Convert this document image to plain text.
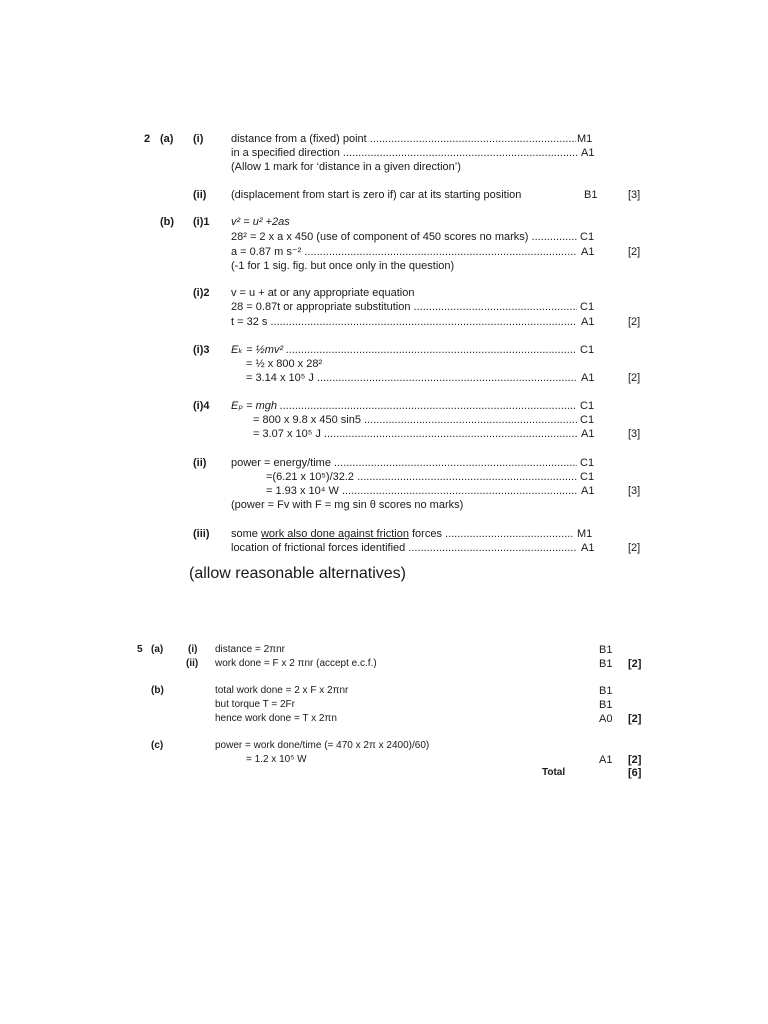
2 (a) (i)	distance from a (fixed) point .....	M1
in a specified direction .....	A1
(Allow 1 mark for ‘distance in a given direction’)
(ii) (displacement from start is zero if) car at its starting position	B1	[3]
(b) (i)1 v² = u² +2as
28² = 2 x a x 450 (use of component of 450 scores no marks) .....	C1
a = 0.87 m s⁻² .....	A1	[2]
(-1 for 1 sig. fig. but once only in the question)
(i)2 v = u + at or any appropriate equation
28 = 0.87t or appropriate substitution .....	C1
t = 32 s .....	A1	[2]
(i)3 Eₖ = ½mv² .....	C1
= ½ x 800 x 28²
= 3.14 x 10⁵ J .....	A1	[2]
(i)4 Eₚ = mgh .....	C1
= 800 x 9.8 x 450 sin5 .....	C1
= 3.07 x 10⁵ J .....	A1	[3]
(ii) power = energy/time .....	C1
=(6.21 x 10⁵)/32.2 .....	C1
= 1.93 x 10⁴ W .....	A1	[3]
(power = Fv with F = mg sin θ scores no marks)
(iii) some work also done against friction forces .....	M1
location of frictional forces identified .....	A1	[2]
(allow reasonable alternatives)
5 (a) (i) distance = 2πnr	B1
(ii) work done = F x 2 πnr (accept e.c.f.)	B1 [2]
(b)	total work done = 2 x F x 2πnr	B1
but torque T = 2Fr	B1
hence work done = T x 2πn	A0 [2]
(c)	power = work done/time (= 470 x 2π x 2400)/60)
= 1.2 x 10⁵ W	A1 [2]
Total	[6]
